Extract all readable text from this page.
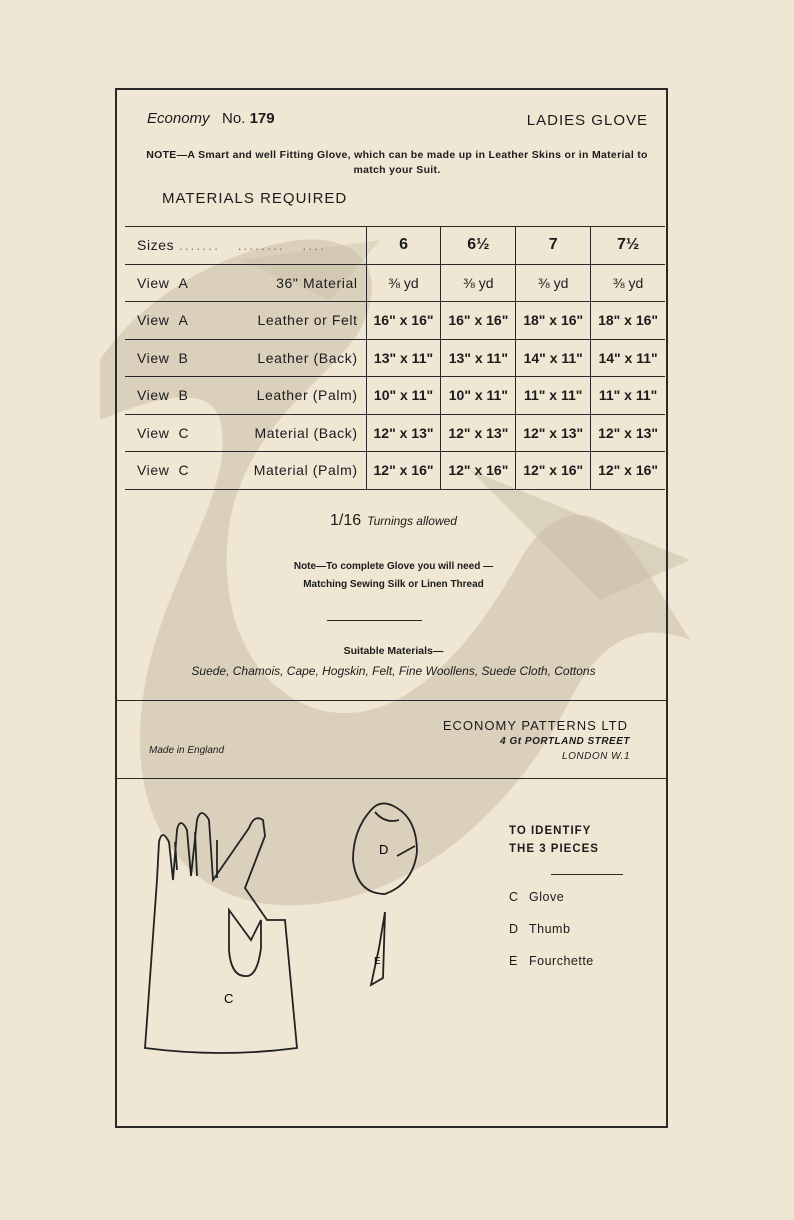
Economy No. 179	LADIES GLOVE
NOTE—A Smart and well Fitting Glove, which can be made up in Leather Skins or in Material to match your Suit.
MATERIALS REQUIRED
Sizes .......   ........   ....	6	6½	7	7½

View A 36" Material	⅜ yd	⅜ yd	⅜ yd	⅜ yd

View A Leather or Felt	16" x 16"	16" x 16"	18" x 16"	18" x 16"

View B Leather (Back)	13" x 11"	13" x 11"	14" x 11"	14" x 11"

View B Leather (Palm)	10" x 11"	10" x 11"	11" x 11"	11" x 11"

View C Material (Back)	12" x 13"	12" x 13"	12" x 13"	12" x 13"

View C Material (Palm)	12" x 16"	12" x 16"	12" x 16"	12" x 16"
1/16 Turnings allowed
Note—To complete Glove you will need —
Matching Sewing Silk or Linen Thread
Suitable Materials—
Suede, Chamois, Cape, Hogskin, Felt, Fine Woollens, Suede Cloth, Cottons
ECONOMY PATTERNS LTD
4 Gt PORTLAND STREET
LONDON W.1
Made in England
C
D
E
TO IDENTIFY
THE 3 PIECES
C Glove
D Thumb
E Fourchette
